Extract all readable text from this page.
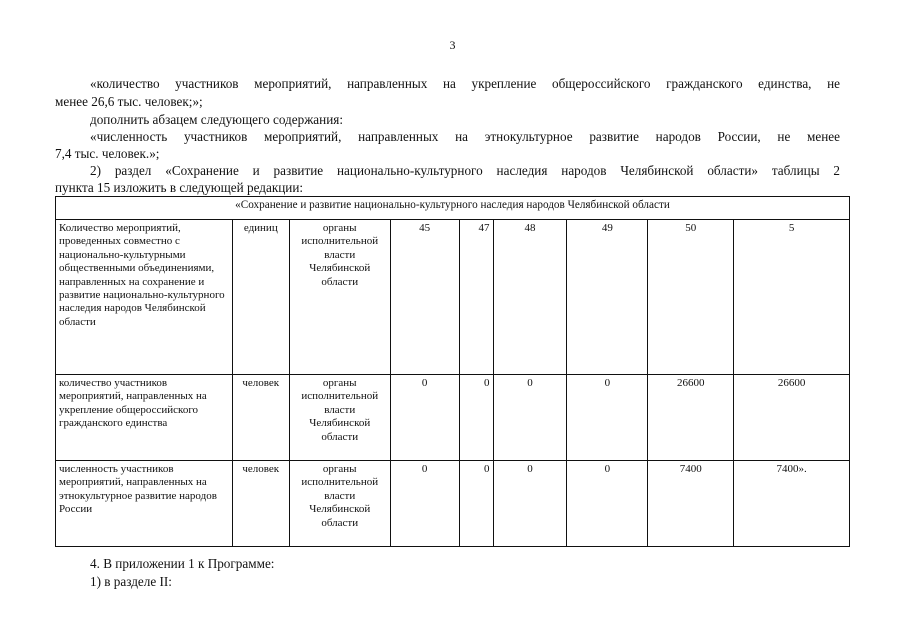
3

«количество участников мероприятий, направленных на укрепление общероссийского гражданского единства, не

менее 26,6 тыс. человек;»;

дополнить абзацем следующего содержания:

«численность участников мероприятий, направленных на этнокультурное развитие народов России, не менее

7,4 тыс. человек.»;

2) раздел «Сохранение и развитие национально-культурного наследия народов Челябинской области» таблицы 2

пункта 15 изложить в следующей редакции:

«Сохранение и развитие национально-культурного наследия народов Челябинской области								
Количество мероприятий, проведенных совместно с национально-культурными общественными объединениями, направленных на сохранение и развитие национально-культурного наследия народов Челябинской области	единиц	органы исполнительной власти Челябинской области	45	47	48	49	50	5
количество участников мероприятий, направленных на укрепление общероссийского гражданского единства	человек	органы исполнительной власти Челябинской области	0	0	0	0	26600	26600
численность участников мероприятий, направленных на этнокультурное развитие народов России	человек	органы исполнительной власти Челябинской области	0	0	0	0	7400	7400».

4. В приложении 1 к Программе:

1) в разделе II:
